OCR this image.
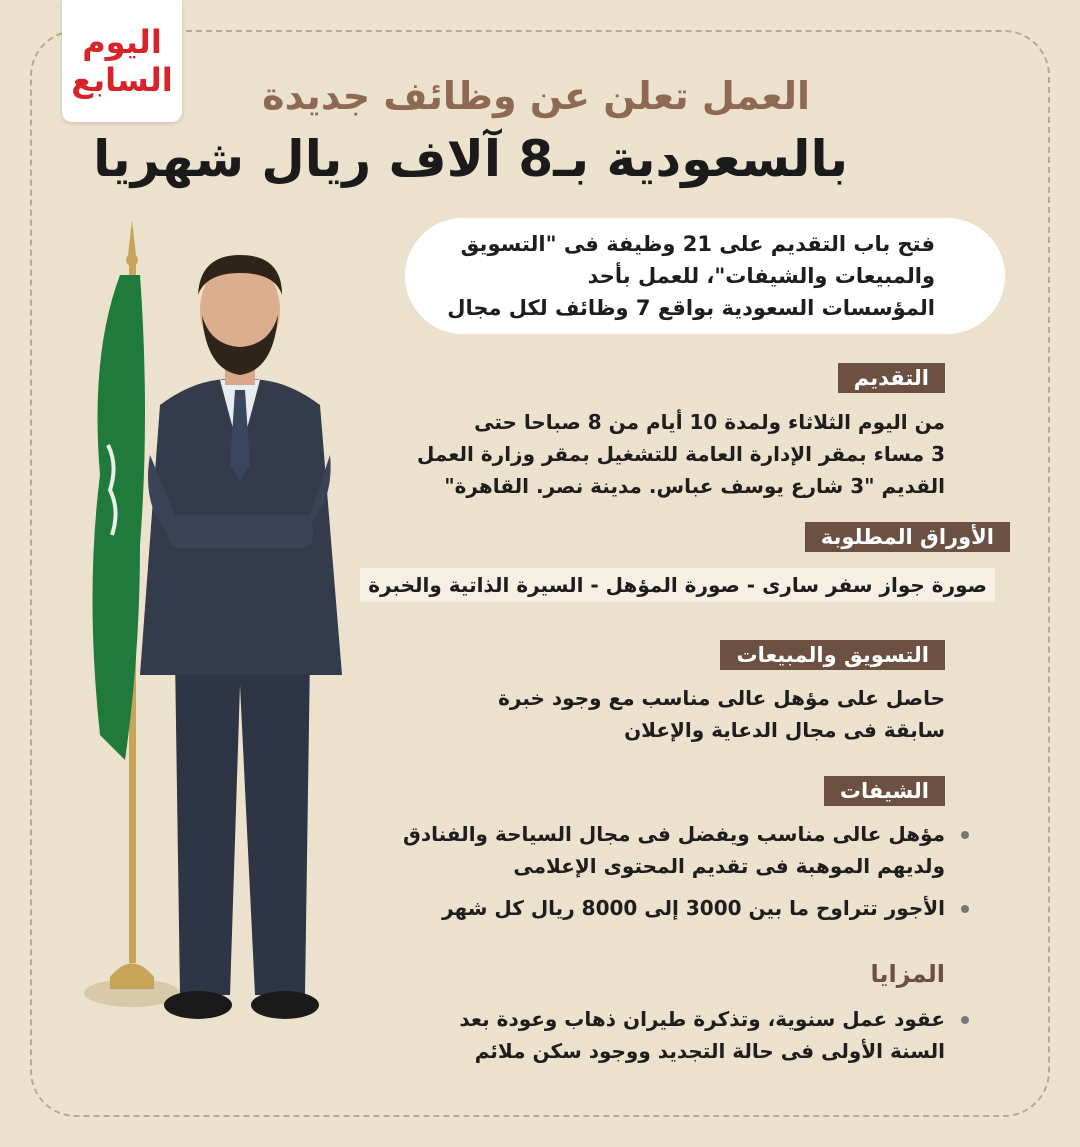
اليوم
السابع العمل تعلن عن وظائف جديدة
بالسعودية بـ8 آلاف ريال شهريا
فتح باب التقديم على 21 وظيفة فى "التسويق
والمبيعات والشيفات"، للعمل بأحد
المؤسسات السعودية بواقع 7 وظائف لكل مجال
التقديم
من اليوم الثلاثاء ولمدة 10 أيام من 8 صباحا حتى
3 مساء بمقر الإدارة العامة للتشغيل بمقر وزارة العمل
القديم "3 شارع يوسف عباس. مدينة نصر. القاهرة"
الأوراق المطلوبة
صورة جواز سفر سارى - صورة المؤهل - السيرة الذاتية والخبرة
التسويق والمبيعات
حاصل على مؤهل عالى مناسب مع وجود خبرة
سابقة فى مجال الدعاية والإعلان
الشيفات

مؤهل عالى مناسب ويفضل فى مجال السياحة والفنادق

ولديهم الموهبة فى تقديم المحتوى الإعلامى

الأجور تتراوح ما بين 3000 إلى 8000 ريال كل شهر

المزايا

عقود عمل سنوية، وتذكرة طيران ذهاب وعودة بعد

السنة الأولى فى حالة التجديد ووجود سكن ملائم
